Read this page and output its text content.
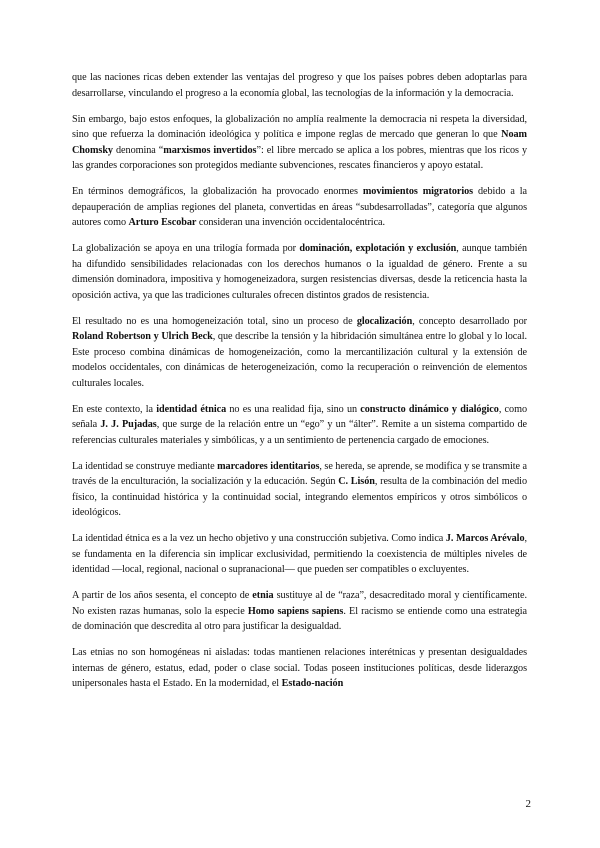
que las naciones ricas deben extender las ventajas del progreso y que los países pobres deben adoptarlas para desarrollarse, vinculando el progreso a la economía global, las tecnologías de la información y la democracia.

Sin embargo, bajo estos enfoques, la globalización no amplía realmente la democracia ni respeta la diversidad, sino que refuerza la dominación ideológica y política e impone reglas de mercado que generan lo que Noam Chomsky denomina “marxismos invertidos”: el libre mercado se aplica a los pobres, mientras que los ricos y las grandes corporaciones son protegidos mediante subvenciones, rescates financieros y apoyo estatal.

En términos demográficos, la globalización ha provocado enormes movimientos migratorios debido a la depauperación de amplias regiones del planeta, convertidas en áreas “subdesarrolladas”, categoría que algunos autores como Arturo Escobar consideran una invención occidentalocéntrica.

La globalización se apoya en una trilogía formada por dominación, explotación y exclusión, aunque también ha difundido sensibilidades relacionadas con los derechos humanos o la igualdad de género. Frente a su dimensión dominadora, impositiva y homogeneizadora, surgen resistencias diversas, desde la reticencia hasta la oposición activa, ya que las tradiciones culturales ofrecen distintos grados de resistencia.

El resultado no es una homogeneización total, sino un proceso de glocalización, concepto desarrollado por Roland Robertson y Ulrich Beck, que describe la tensión y la hibridación simultánea entre lo global y lo local. Este proceso combina dinámicas de homogeneización, como la mercantilización cultural y la extensión de modelos occidentales, con dinámicas de heterogeneización, como la recuperación o reinvención de elementos culturales locales.

En este contexto, la identidad étnica no es una realidad fija, sino un constructo dinámico y dialógico, como señala J. J. Pujadas, que surge de la relación entre un “ego” y un “álter”. Remite a un sistema compartido de referencias culturales materiales y simbólicas, y a un sentimiento de pertenencia cargado de emociones.

La identidad se construye mediante marcadores identitarios, se hereda, se aprende, se modifica y se transmite a través de la enculturación, la socialización y la educación. Según C. Lisón, resulta de la combinación del medio físico, la continuidad histórica y la continuidad social, integrando elementos empíricos y otros simbólicos o ideológicos.

La identidad étnica es a la vez un hecho objetivo y una construcción subjetiva. Como indica J. Marcos Arévalo, se fundamenta en la diferencia sin implicar exclusividad, permitiendo la coexistencia de múltiples niveles de identidad —local, regional, nacional o supranacional— que pueden ser compatibles o excluyentes.

A partir de los años sesenta, el concepto de etnia sustituye al de “raza”, desacreditado moral y científicamente. No existen razas humanas, solo la especie Homo sapiens sapiens. El racismo se entiende como una estrategia de dominación que descredita al otro para justificar la desigualdad.

Las etnias no son homogéneas ni aisladas: todas mantienen relaciones interétnicas y presentan desigualdades internas de género, estatus, edad, poder o clase social. Todas poseen instituciones políticas, desde liderazgos unipersonales hasta el Estado. En la modernidad, el Estado-nación

2
